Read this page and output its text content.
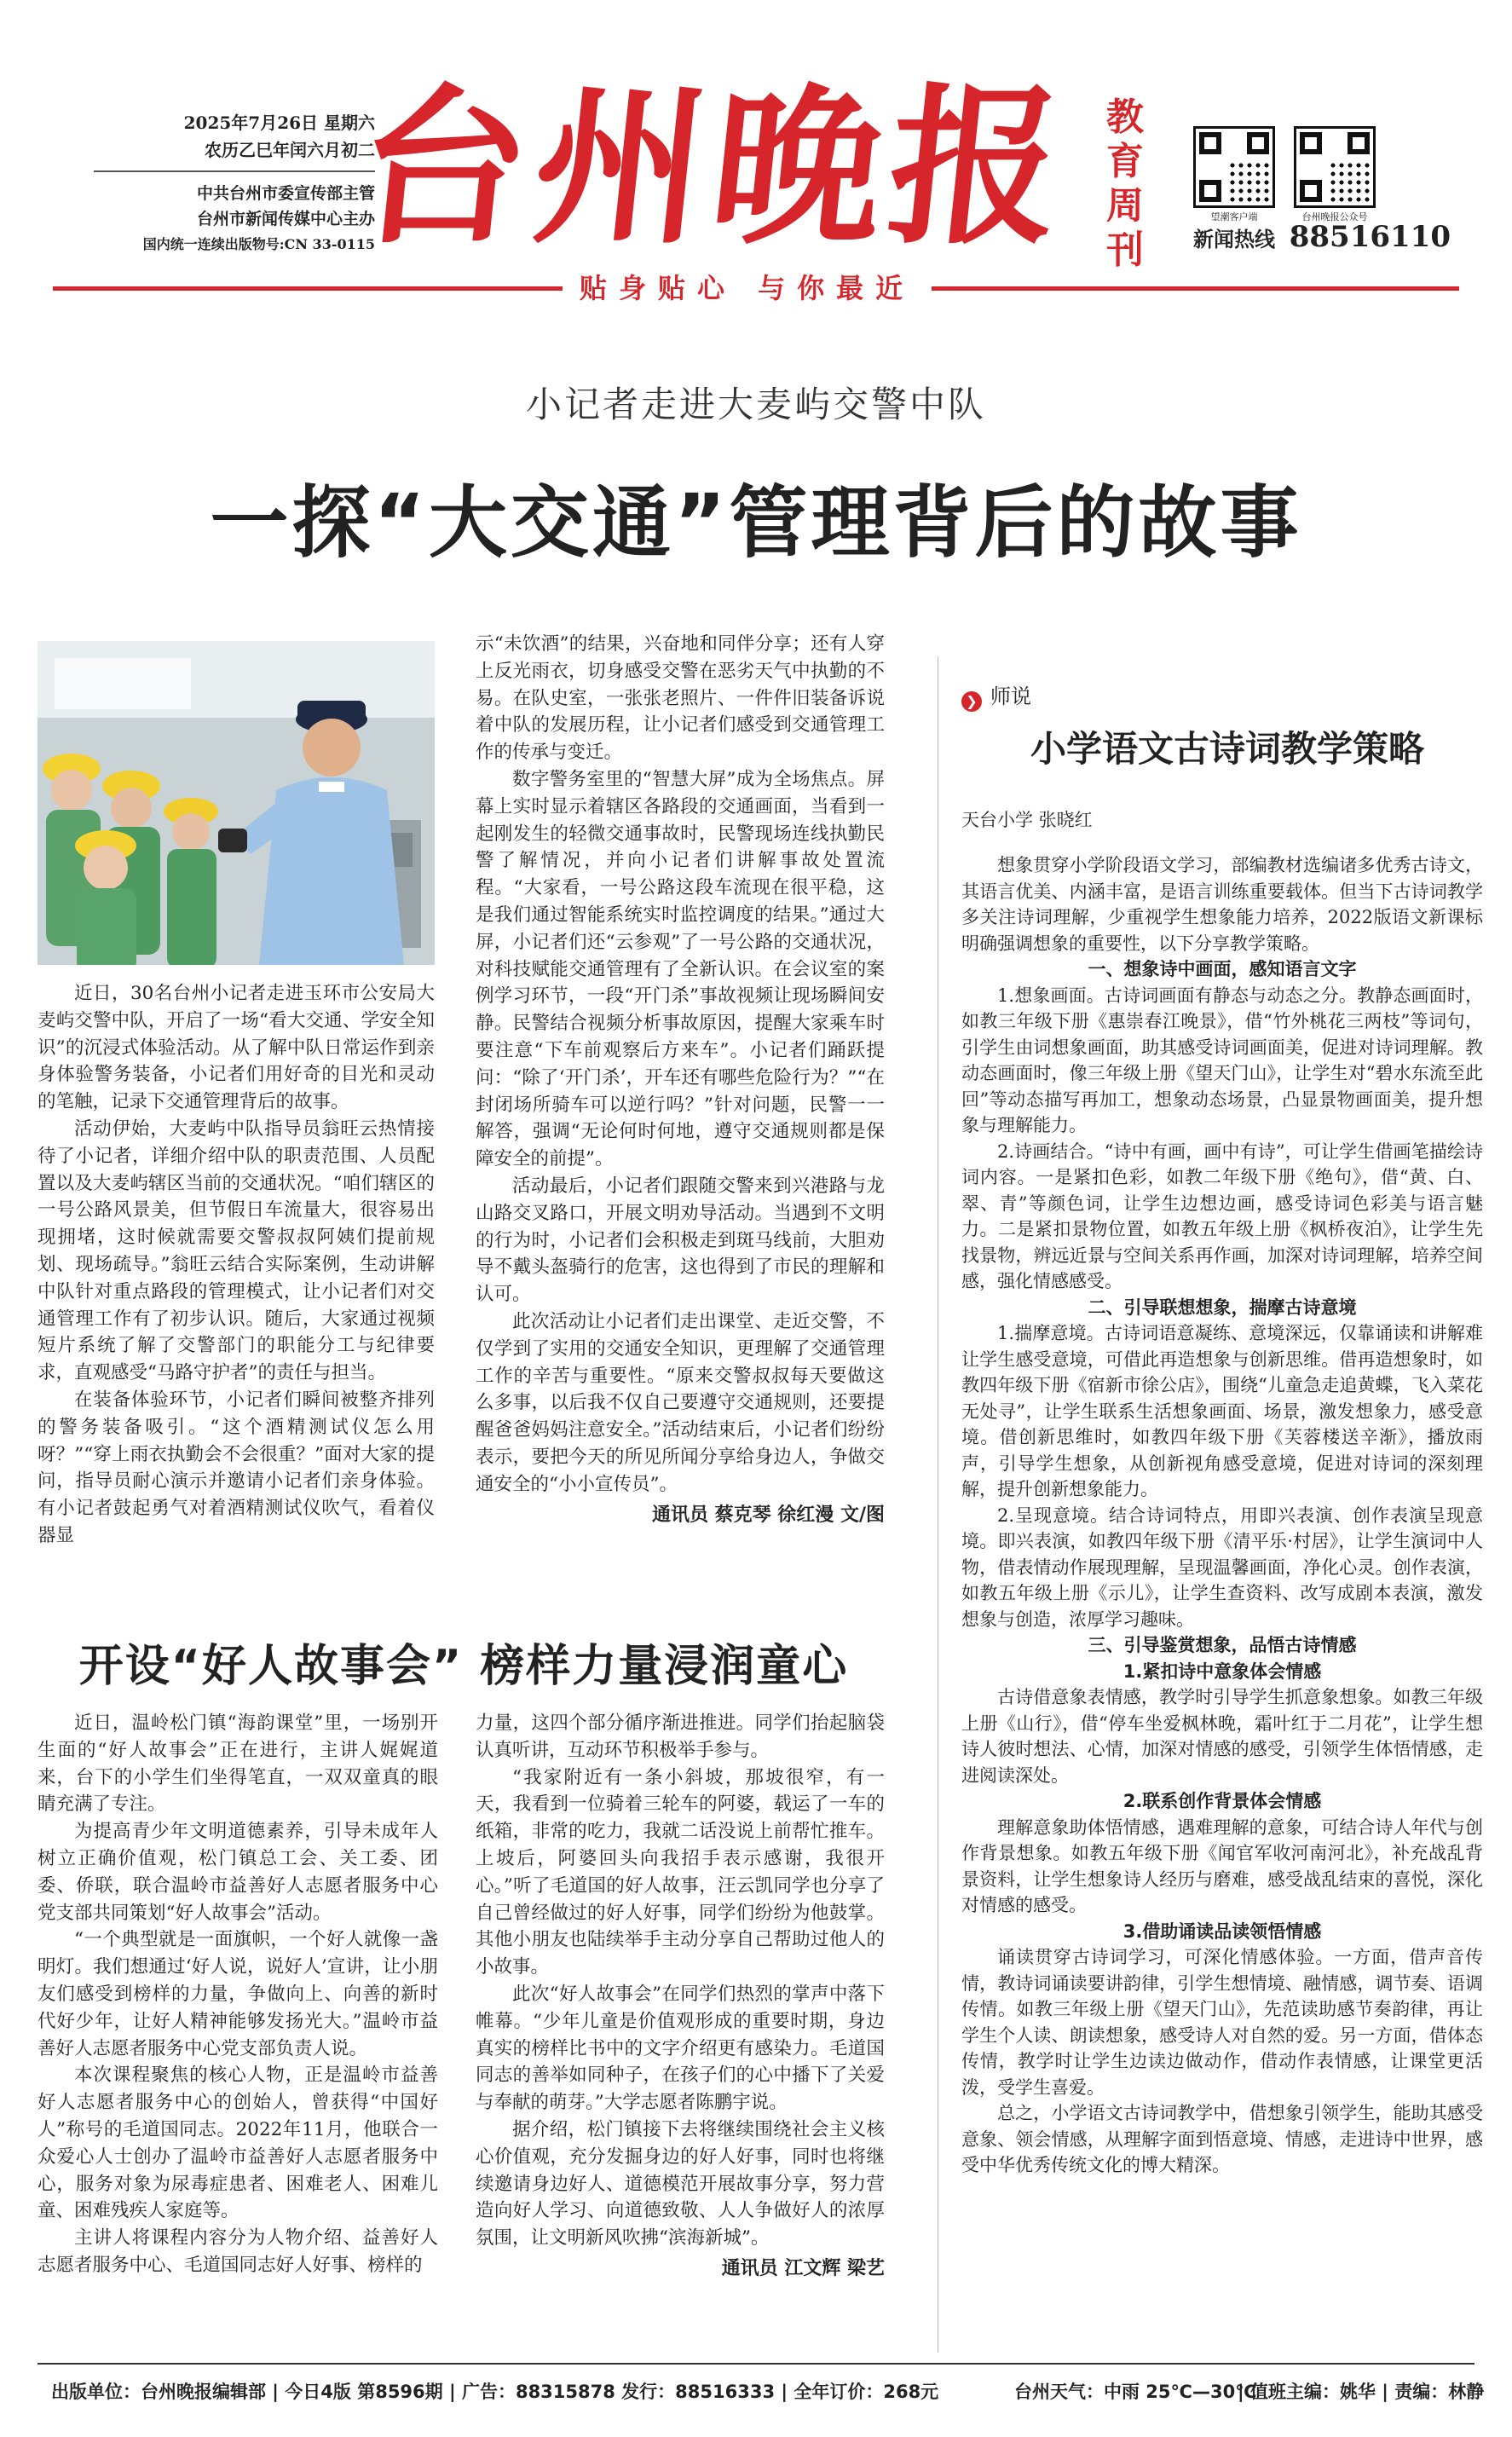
2025年7月26日 星期六
农历乙巳年闰六月初二
中共台州市委宣传部主管
台州市新闻传媒中心主办
国内统一连续出版物号:CN 33-0115
台州晚报 教育周刊
望潮客户端	台州晚报公众号
新闻热线 88516110
贴身贴心 与你最近
小记者走进大麦屿交警中队
一探“大交通”管理背后的故事

近日，30名台州小记者走进玉环市公安局大麦屿交警中队，开启了一场“看大交通、学安全知识”的沉浸式体验活动。从了解中队日常运作到亲身体验警务装备，小记者们用好奇的目光和灵动的笔触，记录下交通管理背后的故事。

活动伊始，大麦屿中队指导员翁旺云热情接待了小记者，详细介绍中队的职责范围、人员配置以及大麦屿辖区当前的交通状况。“咱们辖区的一号公路风景美，但节假日车流量大，很容易出现拥堵，这时候就需要交警叔叔阿姨们提前规划、现场疏导。”翁旺云结合实际案例，生动讲解中队针对重点路段的管理模式，让小记者们对交通管理工作有了初步认识。随后，大家通过视频短片系统了解了交警部门的职能分工与纪律要求，直观感受“马路守护者”的责任与担当。

在装备体验环节，小记者们瞬间被整齐排列的警务装备吸引。“这个酒精测试仪怎么用呀？”“穿上雨衣执勤会不会很重？”面对大家的提问，指导员耐心演示并邀请小记者们亲身体验。有小记者鼓起勇气对着酒精测试仪吹气，看着仪器显

示“未饮酒”的结果，兴奋地和同伴分享；还有人穿上反光雨衣，切身感受交警在恶劣天气中执勤的不易。在队史室，一张张老照片、一件件旧装备诉说着中队的发展历程，让小记者们感受到交通管理工作的传承与变迁。

数字警务室里的“智慧大屏”成为全场焦点。屏幕上实时显示着辖区各路段的交通画面，当看到一起刚发生的轻微交通事故时，民警现场连线执勤民警了解情况，并向小记者们讲解事故处置流程。“大家看，一号公路这段车流现在很平稳，这是我们通过智能系统实时监控调度的结果。”通过大屏，小记者们还“云参观”了一号公路的交通状况，对科技赋能交通管理有了全新认识。在会议室的案例学习环节，一段“开门杀”事故视频让现场瞬间安静。民警结合视频分析事故原因，提醒大家乘车时要注意“下车前观察后方来车”。小记者们踊跃提问：“除了‘开门杀’，开车还有哪些危险行为？”“在封闭场所骑车可以逆行吗？”针对问题，民警一一解答，强调“无论何时何地，遵守交通规则都是保障安全的前提”。

活动最后，小记者们跟随交警来到兴港路与龙山路交叉路口，开展文明劝导活动。当遇到不文明的行为时，小记者们会积极走到斑马线前，大胆劝导不戴头盔骑行的危害，这也得到了市民的理解和认可。

此次活动让小记者们走出课堂、走近交警，不仅学到了实用的交通安全知识，更理解了交通管理工作的辛苦与重要性。“原来交警叔叔每天要做这么多事，以后我不仅自己要遵守交通规则，还要提醒爸爸妈妈注意安全。”活动结束后，小记者们纷纷表示，要把今天的所见所闻分享给身边人，争做交通安全的“小小宣传员”。

通讯员 蔡克琴 徐红漫 文/图
开设“好人故事会” 榜样力量浸润童心

近日，温岭松门镇“海韵课堂”里，一场别开生面的“好人故事会”正在进行，主讲人娓娓道来，台下的小学生们坐得笔直，一双双童真的眼睛充满了专注。

为提高青少年文明道德素养，引导未成年人树立正确价值观，松门镇总工会、关工委、团委、侨联，联合温岭市益善好人志愿者服务中心党支部共同策划“好人故事会”活动。

“一个典型就是一面旗帜，一个好人就像一盏明灯。我们想通过‘好人说，说好人’宣讲，让小朋友们感受到榜样的力量，争做向上、向善的新时代好少年，让好人精神能够发扬光大。”温岭市益善好人志愿者服务中心党支部负责人说。

本次课程聚焦的核心人物，正是温岭市益善好人志愿者服务中心的创始人，曾获得“中国好人”称号的毛道国同志。2022年11月，他联合一众爱心人士创办了温岭市益善好人志愿者服务中心，服务对象为尿毒症患者、困难老人、困难儿童、困难残疾人家庭等。

主讲人将课程内容分为人物介绍、益善好人志愿者服务中心、毛道国同志好人好事、榜样的

力量，这四个部分循序渐进推进。同学们抬起脑袋认真听讲，互动环节积极举手参与。

“我家附近有一条小斜坡，那坡很窄，有一天，我看到一位骑着三轮车的阿婆，载运了一车的纸箱，非常的吃力，我就二话没说上前帮忙推车。上坡后，阿婆回头向我招手表示感谢，我很开心。”听了毛道国的好人故事，汪云凯同学也分享了自己曾经做过的好人好事，同学们纷纷为他鼓掌。其他小朋友也陆续举手主动分享自己帮助过他人的小故事。

此次“好人故事会”在同学们热烈的掌声中落下帷幕。“少年儿童是价值观形成的重要时期，身边真实的榜样比书中的文字介绍更有感染力。毛道国同志的善举如同种子，在孩子们的心中播下了关爱与奉献的萌芽。”大学志愿者陈鹏宇说。

据介绍，松门镇接下去将继续围绕社会主义核心价值观，充分发掘身边的好人好事，同时也将继续邀请身边好人、道德模范开展故事分享，努力营造向好人学习、向道德致敬、人人争做好人的浓厚氛围，让文明新风吹拂“滨海新城”。

通讯员 江文辉 梁艺
❯ 师说
小学语文古诗词教学策略
天台小学 张晓红

想象贯穿小学阶段语文学习，部编教材选编诸多优秀古诗文，其语言优美、内涵丰富，是语言训练重要载体。但当下古诗词教学多关注诗词理解，少重视学生想象能力培养，2022版语文新课标明确强调想象的重要性，以下分享教学策略。

一、想象诗中画面，感知语言文字

1.想象画面。古诗词画面有静态与动态之分。教静态画面时，如教三年级下册《惠崇春江晚景》，借“竹外桃花三两枝”等词句，引学生由词想象画面，助其感受诗词画面美，促进对诗词理解。教动态画面时，像三年级上册《望天门山》，让学生对“碧水东流至此回”等动态描写再加工，想象动态场景，凸显景物画面美，提升想象与理解能力。

2.诗画结合。“诗中有画，画中有诗”，可让学生借画笔描绘诗词内容。一是紧扣色彩，如教二年级下册《绝句》，借“黄、白、翠、青”等颜色词，让学生边想边画，感受诗词色彩美与语言魅力。二是紧扣景物位置，如教五年级上册《枫桥夜泊》，让学生先找景物，辨远近景与空间关系再作画，加深对诗词理解，培养空间感，强化情感感受。

二、引导联想想象，揣摩古诗意境

1.揣摩意境。古诗词语意凝练、意境深远，仅靠诵读和讲解难让学生感受意境，可借此再造想象与创新思维。借再造想象时，如教四年级下册《宿新市徐公店》，围绕“儿童急走追黄蝶，飞入菜花无处寻”，让学生联系生活想象画面、场景，激发想象力，感受意境。借创新思维时，如教四年级下册《芙蓉楼送辛渐》，播放雨声，引导学生想象，从创新视角感受意境，促进对诗词的深刻理解，提升创新想象能力。

2.呈现意境。结合诗词特点，用即兴表演、创作表演呈现意境。即兴表演，如教四年级下册《清平乐·村居》，让学生演词中人物，借表情动作展现理解，呈现温馨画面，净化心灵。创作表演，如教五年级上册《示儿》，让学生查资料、改写成剧本表演，激发想象与创造，浓厚学习趣味。

三、引导鉴赏想象，品悟古诗情感

1.紧扣诗中意象体会情感

古诗借意象表情感，教学时引导学生抓意象想象。如教三年级上册《山行》，借“停车坐爱枫林晚，霜叶红于二月花”，让学生想诗人彼时想法、心情，加深对情感的感受，引领学生体悟情感，走进阅读深处。

2.联系创作背景体会情感

理解意象助体悟情感，遇难理解的意象，可结合诗人年代与创作背景想象。如教五年级下册《闻官军收河南河北》，补充战乱背景资料，让学生想象诗人经历与磨难，感受战乱结束的喜悦，深化对情感的感受。

3.借助诵读品读领悟情感

诵读贯穿古诗词学习，可深化情感体验。一方面，借声音传情，教诗词诵读要讲韵律，引学生想情境、融情感，调节奏、语调传情。如教三年级上册《望天门山》，先范读助感节奏韵律，再让学生个人读、朗读想象，感受诗人对自然的爱。另一方面，借体态传情，教学时让学生边读边做动作，借动作表情感，让课堂更活泼，受学生喜爱。

总之，小学语文古诗词教学中，借想象引领学生，能助其感受意象、领会情感，从理解字面到悟意境、情感，走进诗中世界，感受中华优秀传统文化的博大精深。

出版单位：台州晚报编辑部 | 今日4版 第8596期 | 广告：88315878 发行：88516333 | 全年订价：268元	台州天气：中雨 25℃—30℃
| 值班主编：姚华 | 责编：林静
